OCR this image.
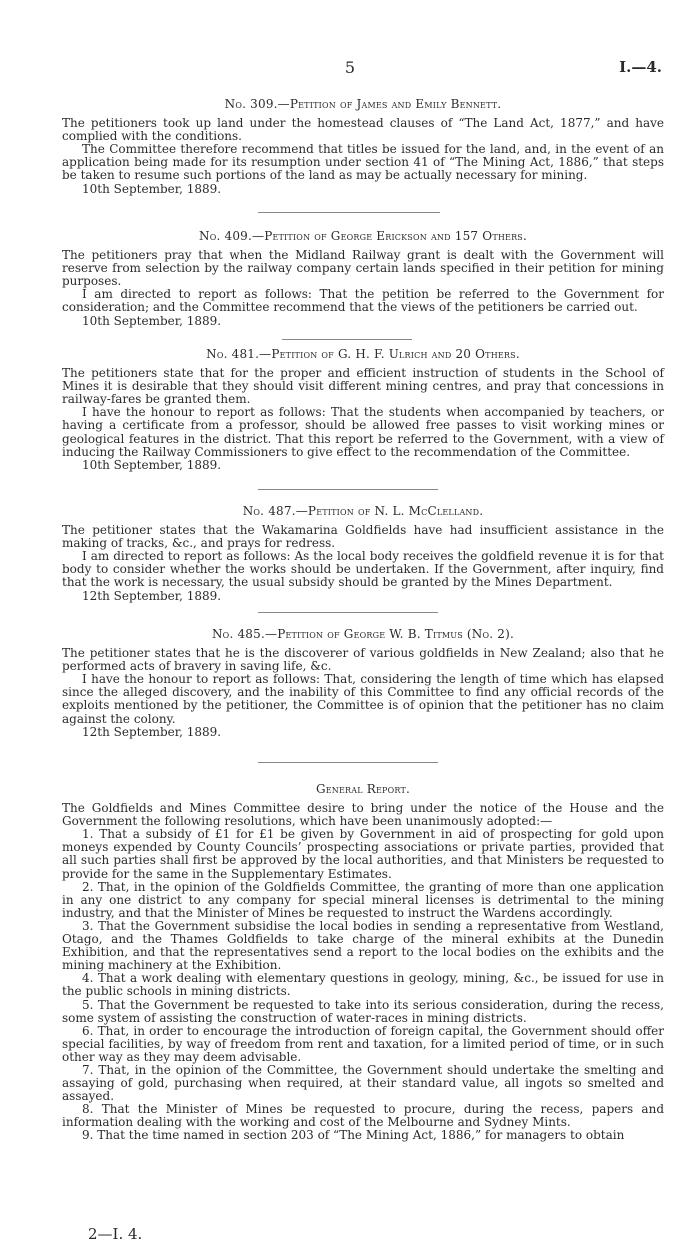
5	I.—4.
No. 309.—Petition of James and Emily Bennett.

The petitioners took up land under the homestead clauses of “The Land Act, 1877,” and have complied with the conditions.

The Committee therefore recommend that titles be issued for the land, and, in the event of an application being made for its resumption under section 41 of “The Mining Act, 1886,” that steps be taken to resume such portions of the land as may be actually necessary for mining.

10th September, 1889.

No. 409.—Petition of George Erickson and 157 Others.

The petitioners pray that when the Midland Railway grant is dealt with the Government will reserve from selection by the railway company certain lands specified in their petition for mining purposes.

I am directed to report as follows: That the petition be referred to the Government for consideration; and the Committee recommend that the views of the petitioners be carried out.

10th September, 1889.

No. 481.—Petition of G. H. F. Ulrich and 20 Others.

The petitioners state that for the proper and efficient instruction of students in the School of Mines it is desirable that they should visit different mining centres, and pray that concessions in railway-fares be granted them.

I have the honour to report as follows: That the students when accompanied by teachers, or having a certificate from a professor, should be allowed free passes to visit working mines or geological features in the district. That this report be referred to the Government, with a view of inducing the Railway Commissioners to give effect to the recommendation of the Committee.

10th September, 1889.

No. 487.—Petition of N. L. McClelland.

The petitioner states that the Wakamarina Goldfields have had insufficient assistance in the making of tracks, &c., and prays for redress.

I am directed to report as follows: As the local body receives the goldfield revenue it is for that body to consider whether the works should be undertaken. If the Government, after inquiry, find that the work is necessary, the usual subsidy should be granted by the Mines Department.

12th September, 1889.

No. 485.—Petition of George W. B. Titmus (No. 2).

The petitioner states that he is the discoverer of various goldfields in New Zealand; also that he performed acts of bravery in saving life, &c.

I have the honour to report as follows: That, considering the length of time which has elapsed since the alleged discovery, and the inability of this Committee to find any official records of the exploits mentioned by the petitioner, the Committee is of opinion that the petitioner has no claim against the colony.

12th September, 1889.

General Report.

The Goldfields and Mines Committee desire to bring under the notice of the House and the Government the following resolutions, which have been unanimously adopted:—

1. That a subsidy of £1 for £1 be given by Government in aid of prospecting for gold upon moneys expended by County Councils’ prospecting associations or private parties, provided that all such parties shall first be approved by the local authorities, and that Ministers be requested to provide for the same in the Supplementary Estimates.

2. That, in the opinion of the Goldfields Committee, the granting of more than one application in any one district to any company for special mineral licenses is detrimental to the mining industry, and that the Minister of Mines be requested to instruct the Wardens accordingly.

3. That the Government subsidise the local bodies in sending a representative from Westland, Otago, and the Thames Goldfields to take charge of the mineral exhibits at the Dunedin Exhibition, and that the representatives send a report to the local bodies on the exhibits and the mining machinery at the Exhibition.

4. That a work dealing with elementary questions in geology, mining, &c., be issued for use in the public schools in mining districts.

5. That the Government be requested to take into its serious consideration, during the recess, some system of assisting the construction of water-races in mining districts.

6. That, in order to encourage the introduction of foreign capital, the Government should offer special facilities, by way of freedom from rent and taxation, for a limited period of time, or in such other way as they may deem advisable.

7. That, in the opinion of the Committee, the Government should undertake the smelting and assaying of gold, purchasing when required, at their standard value, all ingots so smelted and assayed.

8. That the Minister of Mines be requested to procure, during the recess, papers and information dealing with the working and cost of the Melbourne and Sydney Mints.

9. That the time named in section 203 of “The Mining Act, 1886,” for managers to obtain

2—I. 4.
